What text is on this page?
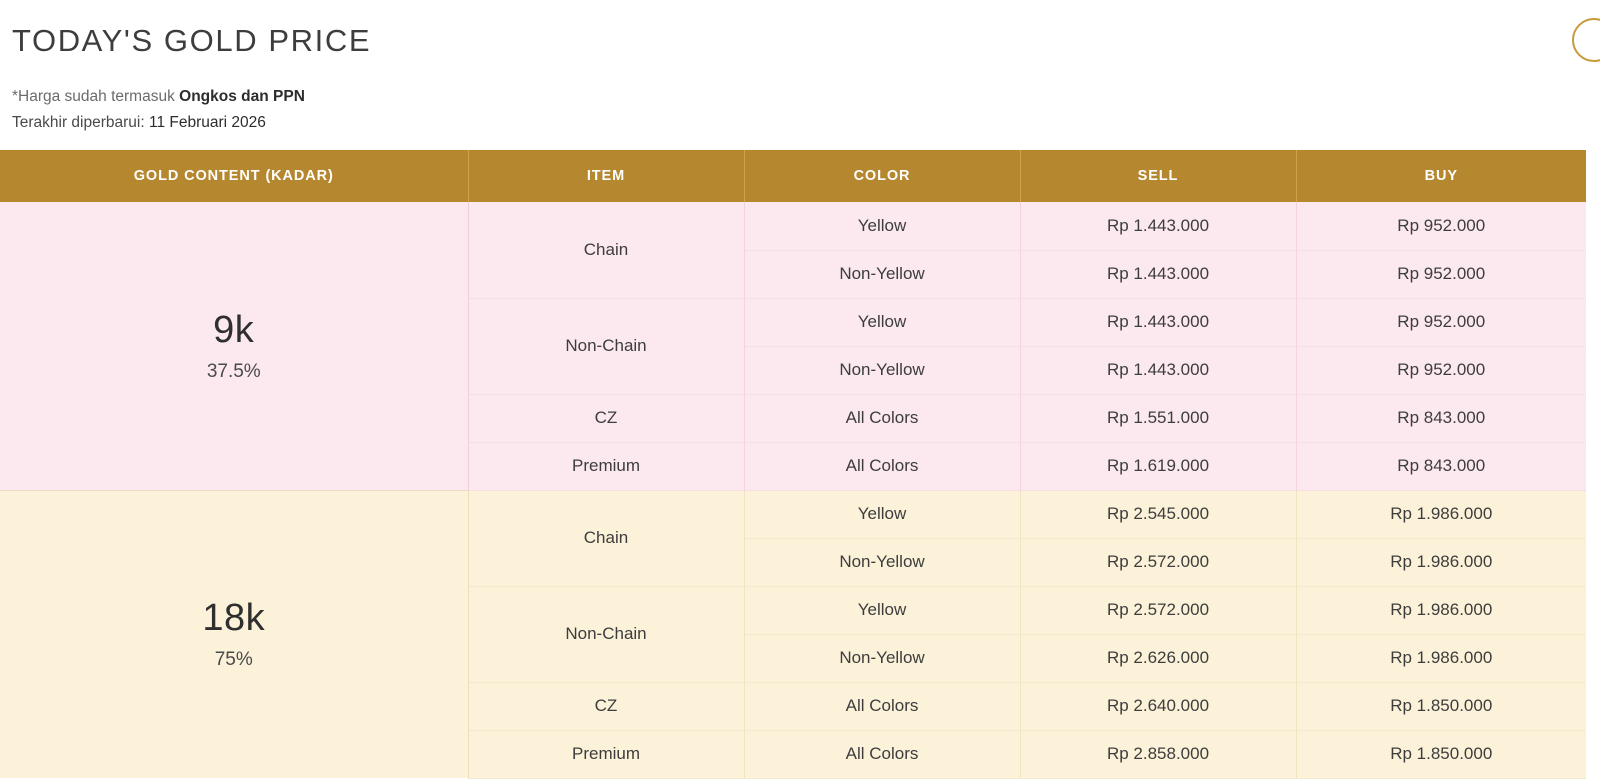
TODAY'S GOLD PRICE
*Harga sudah termasuk Ongkos dan PPN
Terakhir diperbarui: 11 Februari 2026
GOLD CONTENT (KADAR)	ITEM	COLOR	SELL	BUY

9k
37.5%	Chain	Yellow	Rp 1.443.000	Rp 952.000
		Non-Yellow	Rp 1.443.000	Rp 952.000
	Non-Chain	Yellow	Rp 1.443.000	Rp 952.000
		Non-Yellow	Rp 1.443.000	Rp 952.000
	CZ	All Colors	Rp 1.551.000	Rp 843.000
	Premium	All Colors	Rp 1.619.000	Rp 843.000

18k
75%	Chain	Yellow	Rp 2.545.000	Rp 1.986.000
		Non-Yellow	Rp 2.572.000	Rp 1.986.000
	Non-Chain	Yellow	Rp 2.572.000	Rp 1.986.000
		Non-Yellow	Rp 2.626.000	Rp 1.986.000
	CZ	All Colors	Rp 2.640.000	Rp 1.850.000
	Premium	All Colors	Rp 2.858.000	Rp 1.850.000
